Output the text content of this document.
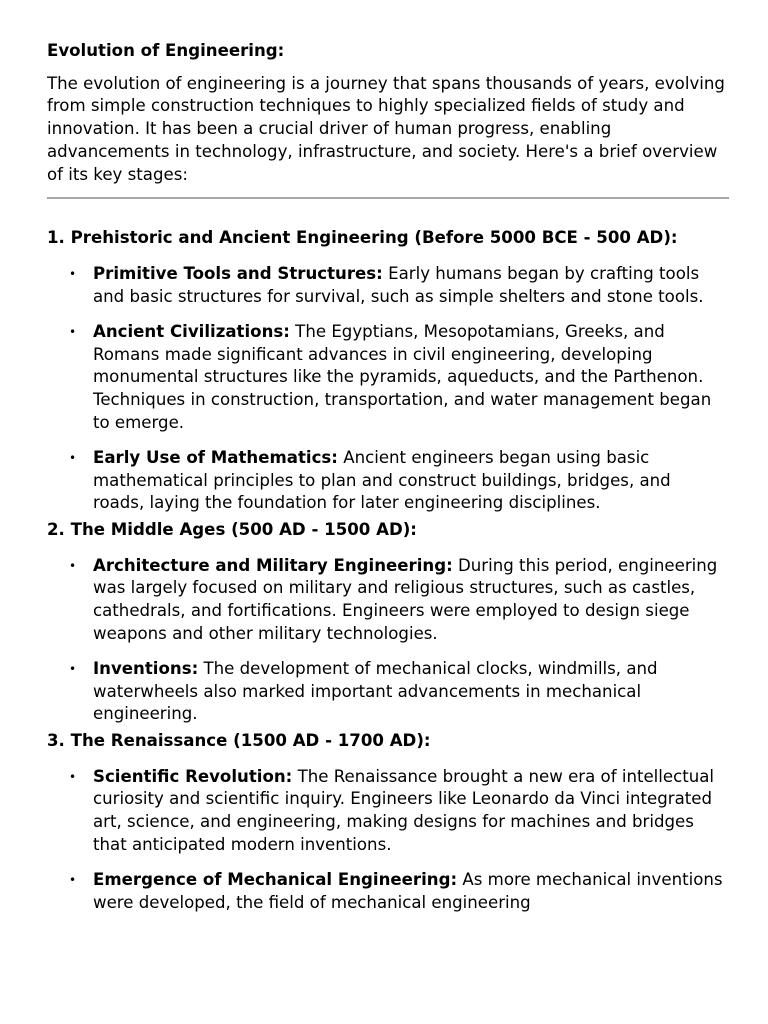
Evolution of Engineering:
The evolution of engineering is a journey that spans thousands of years, evolving from simple construction techniques to highly specialized fields of study and innovation. It has been a crucial driver of human progress, enabling advancements in technology, infrastructure, and society. Here's a brief overview of its key stages:
1. Prehistoric and Ancient Engineering (Before 5000 BCE - 500 AD):
• Primitive Tools and Structures: Early humans began by crafting tools and basic structures for survival, such as simple shelters and stone tools.
• Ancient Civilizations: The Egyptians, Mesopotamians, Greeks, and Romans made significant advances in civil engineering, developing monumental structures like the pyramids, aqueducts, and the Parthenon. Techniques in construction, transportation, and water management began to emerge.
• Early Use of Mathematics: Ancient engineers began using basic mathematical principles to plan and construct buildings, bridges, and roads, laying the foundation for later engineering disciplines.
2. The Middle Ages (500 AD - 1500 AD):
• Architecture and Military Engineering: During this period, engineering was largely focused on military and religious structures, such as castles, cathedrals, and fortifications. Engineers were employed to design siege weapons and other military technologies.
• Inventions: The development of mechanical clocks, windmills, and waterwheels also marked important advancements in mechanical engineering.
3. The Renaissance (1500 AD - 1700 AD):
• Scientific Revolution: The Renaissance brought a new era of intellectual curiosity and scientific inquiry. Engineers like Leonardo da Vinci integrated art, science, and engineering, making designs for machines and bridges that anticipated modern inventions.
• Emergence of Mechanical Engineering: As more mechanical inventions were developed, the field of mechanical engineering
